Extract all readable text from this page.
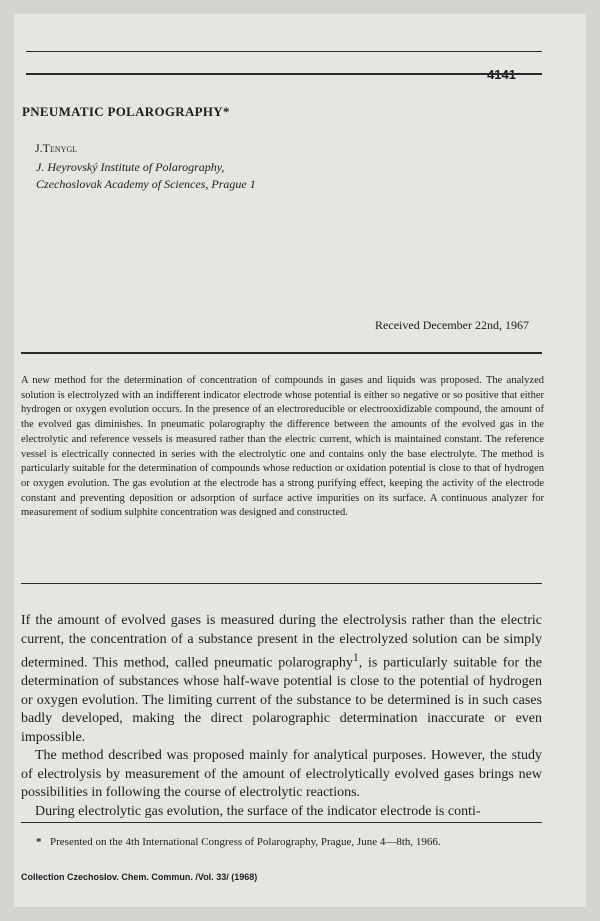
4141
PNEUMATIC POLAROGRAPHY*

J.Tenygl

J. Heyrovský Institute of Polarography,

Czechoslovak Academy of Sciences, Prague 1

Received December 22nd, 1967

A new method for the determination of concentration of compounds in gases and liquids was proposed. The analyzed solution is electrolyzed with an indifferent indicator electrode whose potential is either so negative or so positive that either hydrogen or oxygen evolution occurs. In the presence of an electroreducible or electrooxidizable compound, the amount of the evolved gas diminishes. In pneumatic polarography the difference between the amounts of the evolved gas in the electrolytic and reference vessels is measured rather than the electric current, which is maintained constant. The reference vessel is electrically connected in series with the electrolytic one and contains only the base electrolyte. The method is particularly suitable for the determination of compounds whose reduction or oxidation potential is close to that of hydrogen or oxygen evolution. The gas evolution at the electrode has a strong purifying effect, keeping the activity of the electrode constant and preventing deposition or adsorption of surface active impurities on its surface. A continuous analyzer for measurement of sodium sulphite concentration was designed and constructed.

If the amount of evolved gases is measured during the electrolysis rather than the electric current, the concentration of a substance present in the electrolyzed solution can be simply determined. This method, called pneumatic polarography$^1$, is particularly suitable for the determination of substances whose half-wave potential is close to the potential of hydrogen or oxygen evolution. The limiting current of the substance to be determined is in such cases badly developed, making the direct polarographic determination inaccurate or even impossible.

The method described was proposed mainly for analytical purposes. However, the study of electrolysis by measurement of the amount of electrolytically evolved gases brings new possibilities in following the course of electrolytic reactions.

During electrolytic gas evolution, the surface of the indicator electrode is conti-

* Presented on the 4th International Congress of Polarography, Prague, June 4—8th, 1966.

Collection Czechoslov. Chem. Commun. /Vol. 33/ (1968)
